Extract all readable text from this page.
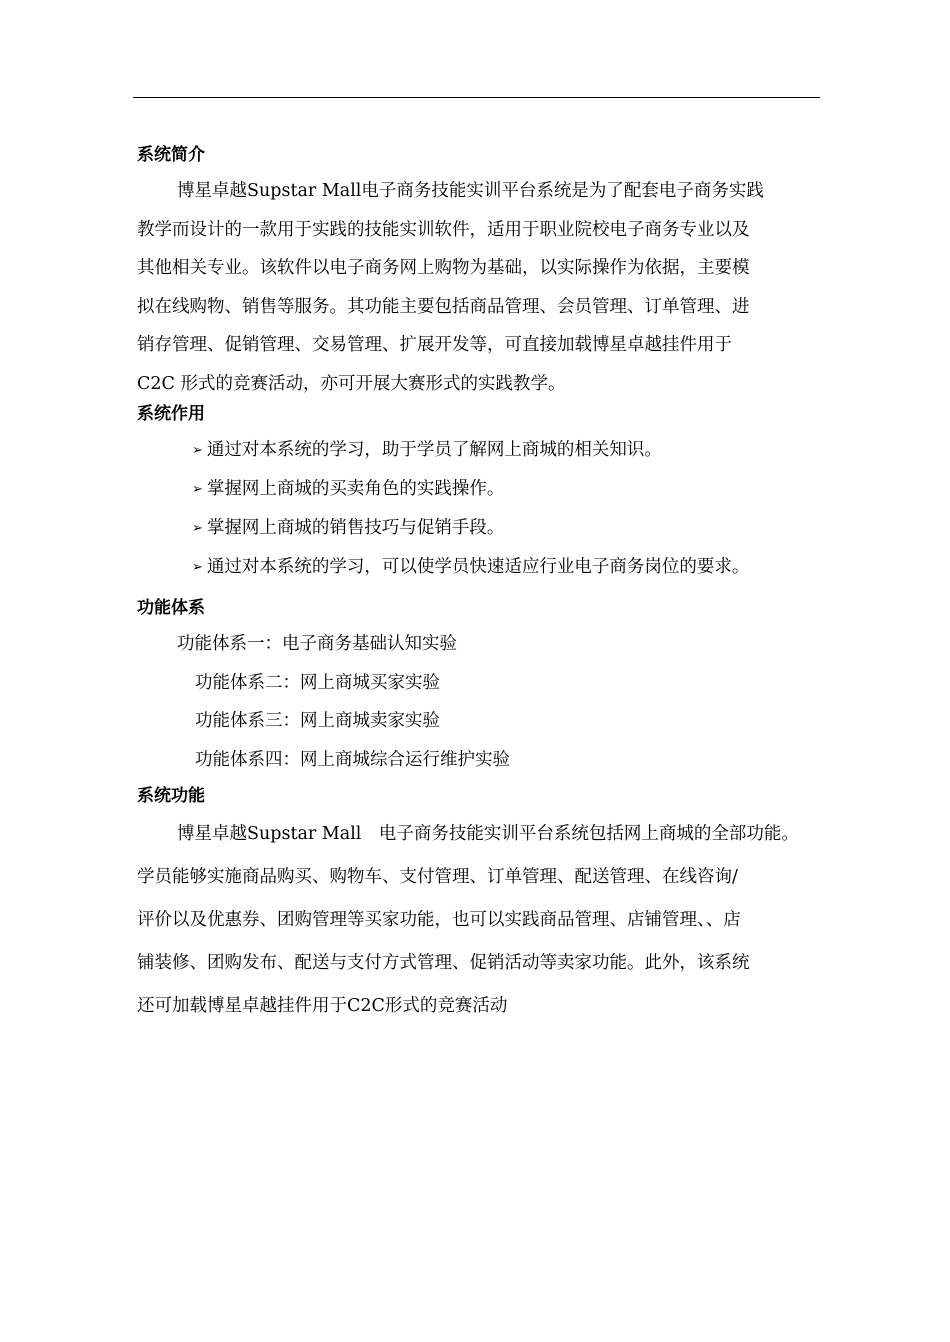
系统简介

博星卓越Supstar Mall电子商务技能实训平台系统是为了配套电子商务实践
教学而设计的一款用于实践的技能实训软件，适用于职业院校电子商务专业以及
其他相关专业。该软件以电子商务网上购物为基础，以实际操作为依据，主要模
拟在线购物、销售等服务。其功能主要包括商品管理、会员管理、订单管理、进
销存管理、促销管理、交易管理、扩展开发等，可直接加载博星卓越挂件用于
C2C 形式的竞赛活动，亦可开展大赛形式的实践教学。

系统作用
➢ 通过对本系统的学习，助于学员了解网上商城的相关知识。
➢ 掌握网上商城的买卖角色的实践操作。
➢ 掌握网上商城的销售技巧与促销手段。
➢ 通过对本系统的学习，可以使学员快速适应行业电子商务岗位的要求。
功能体系
功能体系一：电子商务基础认知实验
功能体系二：网上商城买家实验
功能体系三：网上商城卖家实验
功能体系四：网上商城综合运行维护实验
系统功能

博星卓越Supstar Mall　电子商务技能实训平台系统包括网上商城的全部功能。
学员能够实施商品购买、购物车、支付管理、订单管理、配送管理、在线咨询/
评价以及优惠券、团购管理等买家功能，也可以实践商品管理、店铺管理、、店
铺装修、团购发布、配送与支付方式管理、促销活动等卖家功能。此外，该系统
还可加载博星卓越挂件用于C2C形式的竞赛活动
